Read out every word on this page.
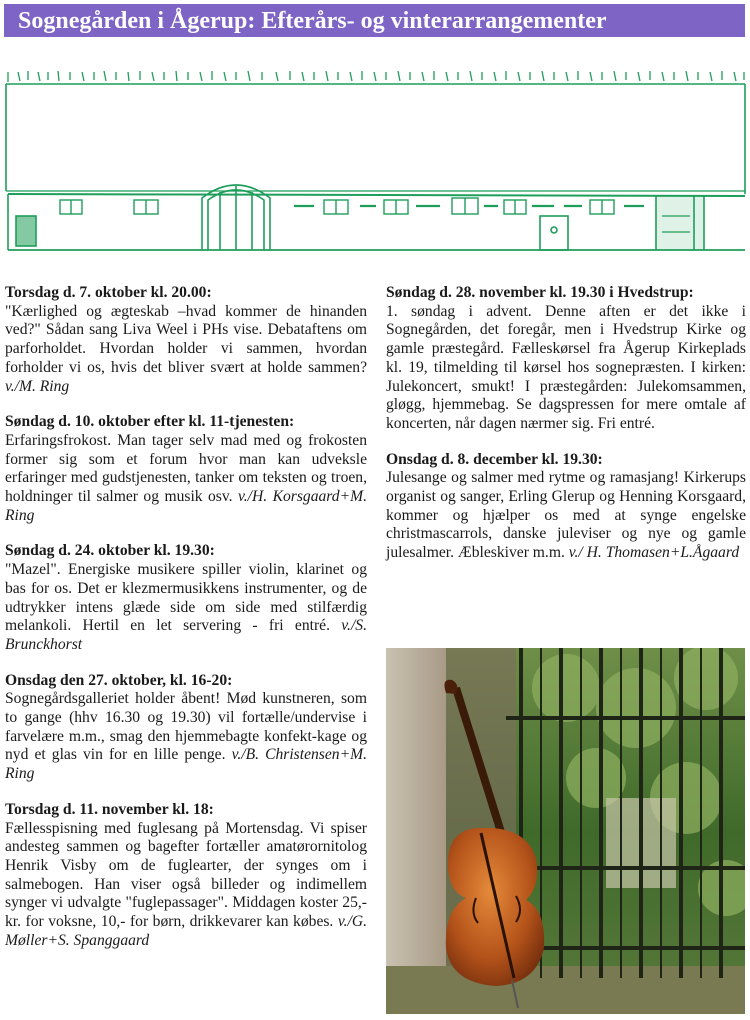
Sognegården i Ågerup: Efterårs- og vinterarrangementer
Torsdag d. 7. oktober kl. 20.00:
"Kærlighed og ægteskab –hvad kommer de hinanden ved?" Sådan sang Liva Weel i PHs vise. Debataftens om parforholdet. Hvordan holder vi sammen, hvordan forholder vi os, hvis det bliver svært at holde sammen? v./M. Ring
Søndag d. 10. oktober efter kl. 11-tjenesten:
Erfaringsfrokost. Man tager selv mad med og frokosten former sig som et forum hvor man kan udveksle erfaringer med gudstjenesten, tanker om teksten og troen, holdninger til salmer og musik osv. v./H. Korsgaard+M. Ring
Søndag d. 24. oktober kl. 19.30:
"Mazel". Energiske musikere spiller violin, klarinet og bas for os. Det er klezmermusikkens instrumenter, og de udtrykker intens glæde side om side med stilfærdig melankoli. Hertil en let servering - fri entré. v./S. Brunckhorst
Onsdag den 27. oktober, kl. 16-20:
Sognegårdsgalleriet holder åbent! Mød kunstneren, som to gange (hhv 16.30 og 19.30) vil fortælle/undervise i farvelære m.m., smag den hjemmebagte konfekt-kage og nyd et glas vin for en lille penge. v./B. Christensen+M. Ring
Torsdag d. 11. november kl. 18:
Fællesspisning med fuglesang på Mortensdag. Vi spiser andesteg sammen og bagefter fortæller amatørornitolog Henrik Visby om de fuglearter, der synges om i salmebogen. Han viser også billeder og indimellem synger vi udvalgte "fuglepassager". Middagen koster 25,- kr. for voksne, 10,- for børn, drikkevarer kan købes. v./G. Møller+S. Spanggaard
Søndag d. 28. november kl. 19.30 i Hvedstrup:
1. søndag i advent. Denne aften er det ikke i Sognegården, det foregår, men i Hvedstrup Kirke og gamle præstegård. Fælleskørsel fra Ågerup Kirkeplads kl. 19, tilmelding til kørsel hos sognepræsten. I kirken: Julekoncert, smukt! I præstegården: Julekomsammen, gløgg, hjemmebag. Se dagspressen for mere omtale af koncerten, når dagen nærmer sig. Fri entré.
Onsdag d. 8. december kl. 19.30:
Julesange og salmer med rytme og ramasjang! Kirkerups organist og sanger, Erling Glerup og Henning Korsgaard, kommer og hjælper os med at synge engelske christmascarrols, danske juleviser og nye og gamle julesalmer. Æbleskiver m.m. v./ H. Thomasen+L.Ågaard
